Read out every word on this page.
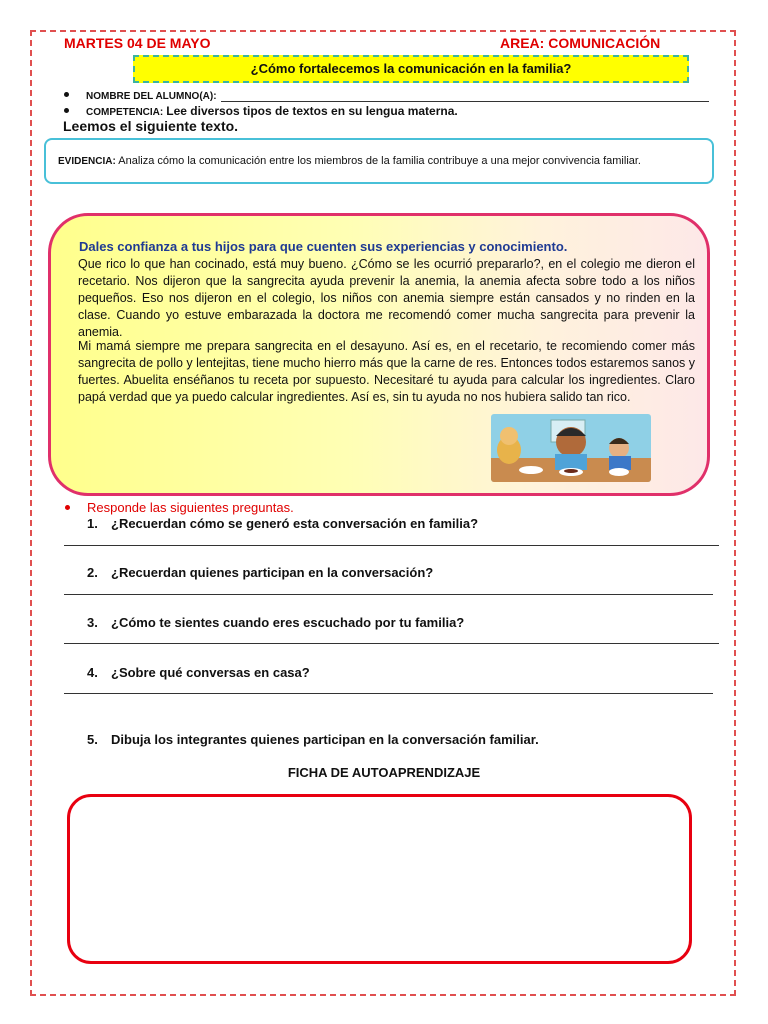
MARTES 04 DE MAYO	AREA: COMUNICACIÓN
¿Cómo fortalecemos la comunicación en la familia?
NOMBRE DEL ALUMNO(A):
COMPETENCIA:
Lee diversos tipos de textos en su lengua materna.
Leemos el siguiente texto.
EVIDENCIA: Analiza cómo la comunicación entre los miembros de la familia contribuye a una mejor convivencia familiar.
Dales confianza a tus hijos para que cuenten sus experiencias y conocimiento.

Que rico lo que han cocinado, está muy bueno. ¿Cómo se les ocurrió prepararlo?, en el colegio me dieron el recetario. Nos dijeron que la sangrecita ayuda prevenir la anemia, la anemia afecta sobre todo a los niños pequeños. Eso nos dijeron en el colegio, los niños con anemia siempre están cansados y no rinden en la clase. Cuando yo estuve embarazada la doctora me recomendó comer mucha sangrecita para prevenir la anemia.

Mi mamá siempre me prepara sangrecita en el desayuno. Así es, en el recetario, te recomiendo comer más sangrecita de pollo y lentejitas, tiene mucho hierro más que la carne de res. Entonces todos estaremos sanos y fuertes. Abuelita enséñanos tu receta por supuesto. Necesitaré tu ayuda para calcular los ingredientes. Claro papá verdad que ya puedo calcular ingredientes. Así es, sin tu ayuda no nos hubiera salido tan rico.

Responde las siguientes preguntas.
1. ¿Recuerdan cómo se generó esta conversación en familia?
2. ¿Recuerdan quienes participan en la conversación?
3. ¿Cómo te sientes cuando eres escuchado por tu familia?
4. ¿Sobre qué conversas en casa?
5. Dibuja los integrantes quienes participan en la conversación familiar.
FICHA DE AUTOAPRENDIZAJE
